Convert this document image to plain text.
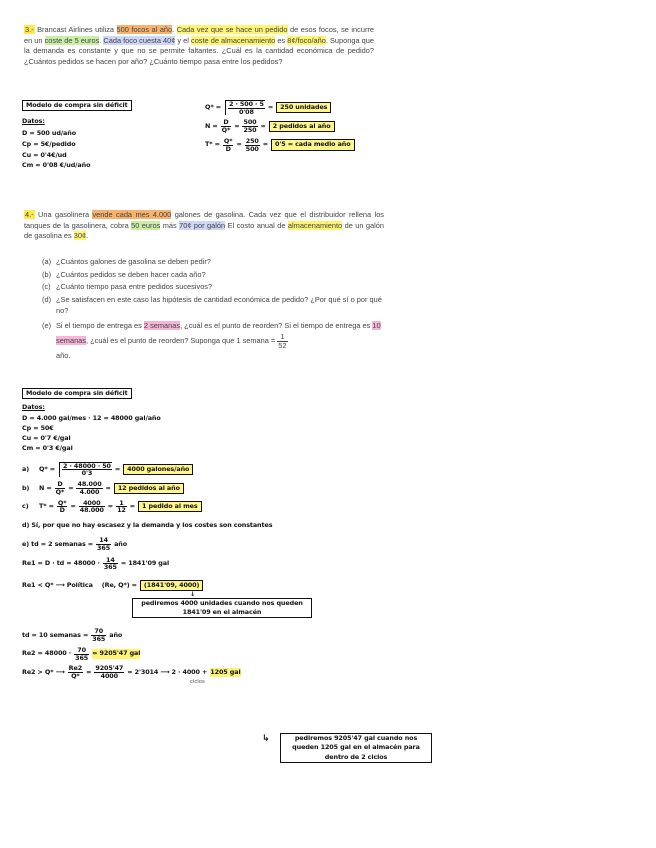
3.- Brancast Airlines utiliza 500 focos al año. Cada vez que se hace un pedido de esos focos, se incurre en un coste de 5 euros. Cada foco cuesta 40¢ y el coste de almacenamiento es 8¢/foco/año. Suponga que la demanda es constante y que no se permite faltantes. ¿Cuál es la cantidad económica de pedido? ¿Cuántos pedidos se hacen por año? ¿Cuánto tiempo pasa entre los pedidos?
Modelo de compra sin déficit
Datos:
D = 500 ud/año
Cp = 5€/pedido
Cu = 0'4€/ud
Cm = 0'08 €/ud/año
$Q* = \frac{2 \cdot 500 \cdot 5}{0'08}$ =	250 unidades
$N = \frac{D}{Q*} = \frac{500}{250}$ =	2 pedidos al año
$T* = \frac{Q*}{D} = \frac{250}{500}$ =	0'5 = cada medio año
4.- Una gasolinera vende cada mes 4.000 galones de gasolina. Cada vez que el distribuidor rellena los tanques de la gasolinera, cobra 50 euros más 70¢ por galón El costo anual de almacenamiento de un galón de gasolina es 30¢.
(a) ¿Cuántos galones de gasolina se deben pedir?
(b) ¿Cuántos pedidos se deben hacer cada año?
(c) ¿Cuánto tiempo pasa entre pedidos sucesivos?
(d) ¿Se satisfacen en este caso las hipótesis de cantidad económica de pedido? ¿Por qué sí o por qué no?
(e) Si el tiempo de entrega es 2 semanas, ¿cuál es el punto de reorden? Si el tiempo de entrega es 10 semanas, ¿cuál es el punto de reorden? Suponga que 1 semana = $\frac{1}{52}$

año.
Modelo de compra sin déficit
Datos:
D = 4.000 gal/mes · 12 = 48000 gal/año
Cp = 50€
Cu = 0'7 €/gal
Cm = 0'3 €/gal
a)	$Q* = \frac{2 \cdot 48000 \cdot 50}{0'3}$ =	4000 galones/año
b)	$N = \frac{D}{Q*} = \frac{48.000}{4.000}$ =	12 pedidos al año
c)	$T* = \frac{Q*}{D} = \frac{4000}{48.000} = \frac{1}{12}$ =	1 pedido al mes
d) Sí, por que no hay escasez y la demanda y los costes son constantes
e) td = 2 semanas = $\frac{14}{365}$ año
Re1 = D · td = $48000 \cdot \frac{14}{365} = 1841'09$ gal
Re1 < Q* ⟶ Política (Re, Q*) =	(1841'09, 4000)
↓
pediremos 4000 unidades cuando nos queden 1841'09 en el almacén
td = 10 semanas = $\frac{70}{365}$ año
$Re2 = 48000 \cdot \frac{70}{365} = 9205'47$ gal
Re2 > Q* ⟶ $\frac{Re2}{Q*} = \frac{9205'47}{4000} = 2'3014$ ⟶ 2 · 4000 + 1205 gal
ciclos
↳	pediremos 9205'47 gal cuando nos queden 1205 gal en el almacén para dentro de 2 ciclos
